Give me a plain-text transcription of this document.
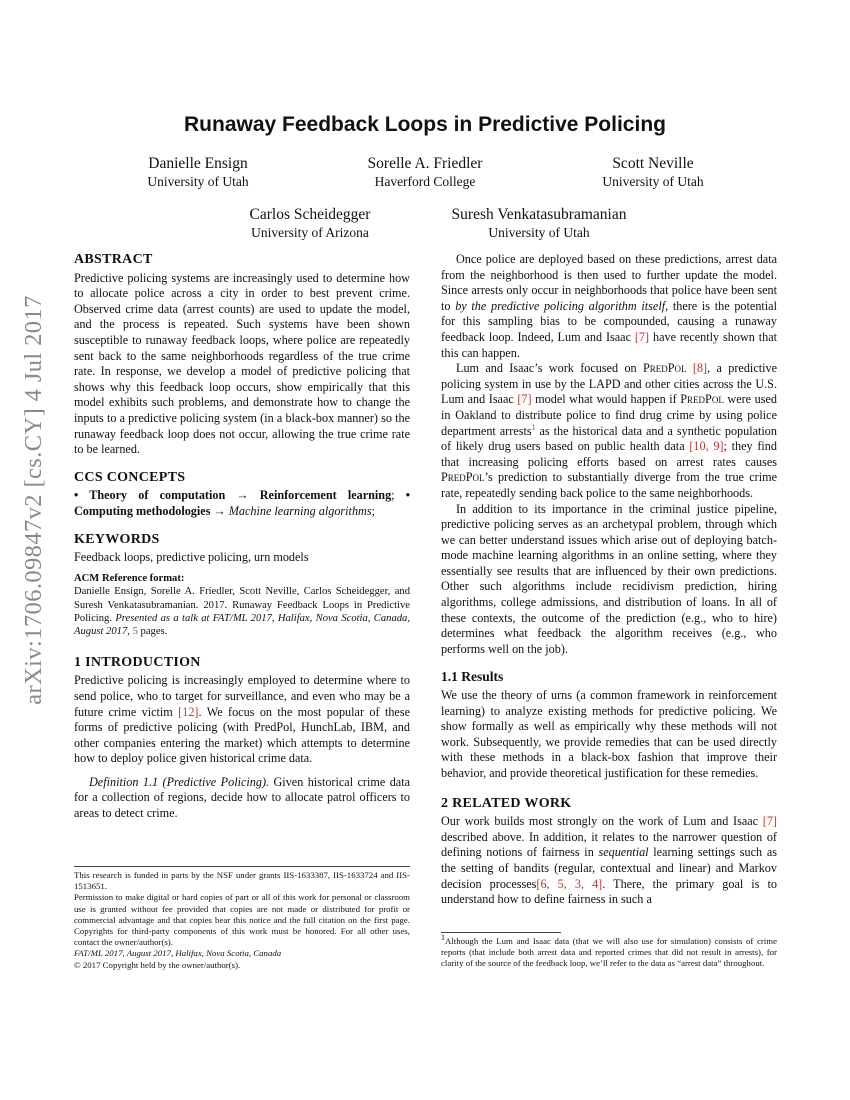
arXiv:1706.09847v2 [cs.CY] 4 Jul 2017
Runaway Feedback Loops in Predictive Policing
Danielle Ensign
University of Utah
Sorelle A. Friedler
Haverford College
Scott Neville
University of Utah
Carlos Scheidegger
University of Arizona
Suresh Venkatasubramanian
University of Utah
ABSTRACT

Predictive policing systems are increasingly used to determine how to allocate police across a city in order to best prevent crime. Observed crime data (arrest counts) are used to update the model, and the process is repeated. Such systems have been shown susceptible to runaway feedback loops, where police are repeatedly sent back to the same neighborhoods regardless of the true crime rate. In response, we develop a model of predictive policing that shows why this feedback loop occurs, show empirically that this model exhibits such problems, and demonstrate how to change the inputs to a predictive policing system (in a black-box manner) so the runaway feedback loop does not occur, allowing the true crime rate to be learned.

CCS CONCEPTS

• Theory of computation → Reinforcement learning; • Computing methodologies → Machine learning algorithms;

KEYWORDS

Feedback loops, predictive policing, urn models

ACM Reference format:
Danielle Ensign, Sorelle A. Friedler, Scott Neville, Carlos Scheidegger, and Suresh Venkatasubramanian. 2017. Runaway Feedback Loops in Predictive Policing. Presented as a talk at FAT/ML 2017, Halifax, Nova Scotia, Canada, August 2017, 5 pages.
1 INTRODUCTION

Predictive policing is increasingly employed to determine where to send police, who to target for surveillance, and even who may be a future crime victim [12]. We focus on the most popular of these forms of predictive policing (with PredPol, HunchLab, IBM, and other companies entering the market) which attempts to determine how to deploy police given historical crime data.

Definition 1.1 (Predictive Policing). Given historical crime data for a collection of regions, decide how to allocate patrol officers to areas to detect crime.

This research is funded in parts by the NSF under grants IIS-1633387, IIS-1633724 and IIS-1513651.
Permission to make digital or hard copies of part or all of this work for personal or classroom use is granted without fee provided that copies are not made or distributed for profit or commercial advantage and that copies bear this notice and the full citation on the first page. Copyrights for third-party components of this work must be honored. For all other uses, contact the owner/author(s).
FAT/ML 2017, August 2017, Halifax, Nova Scotia, Canada
© 2017 Copyright held by the owner/author(s).

Once police are deployed based on these predictions, arrest data from the neighborhood is then used to further update the model. Since arrests only occur in neighborhoods that police have been sent to by the predictive policing algorithm itself, there is the potential for this sampling bias to be compounded, causing a runaway feedback loop. Indeed, Lum and Isaac [7] have recently shown that this can happen.

Lum and Isaac’s work focused on PredPol [8], a predictive policing system in use by the LAPD and other cities across the U.S. Lum and Isaac [7] model what would happen if PredPol were used in Oakland to distribute police to find drug crime by using police department arrests$^1$ as the historical data and a synthetic population of likely drug users based on public health data [10, 9]; they find that increasing policing efforts based on arrest rates causes PredPol’s prediction to substantially diverge from the true crime rate, repeatedly sending back police to the same neighborhoods.

In addition to its importance in the criminal justice pipeline, predictive policing serves as an archetypal problem, through which we can better understand issues which arise out of deploying batch-mode machine learning algorithms in an online setting, where they essentially see results that are influenced by their own predictions. Other such algorithms include recidivism prediction, hiring algorithms, college admissions, and distribution of loans. In all of these contexts, the outcome of the prediction (e.g., who to hire) determines what feedback the algorithm receives (e.g., who performs well on the job).

1.1 Results

We use the theory of urns (a common framework in reinforcement learning) to analyze existing methods for predictive policing. We show formally as well as empirically why these methods will not work. Subsequently, we provide remedies that can be used directly with these methods in a black-box fashion that improve their behavior, and provide theoretical justification for these remedies.

2 RELATED WORK

Our work builds most strongly on the work of Lum and Isaac [7] described above. In addition, it relates to the narrower question of defining notions of fairness in sequential learning settings such as the setting of bandits (regular, contextual and linear) and Markov decision processes[6, 5, 3, 4]. There, the primary goal is to understand how to define fairness in such a

$^1$Although the Lum and Isaac data (that we will also use for simulation) consists of crime reports (that include both arrest data and reported crimes that did not result in arrests), for clarity of the source of the feedback loop, we’ll refer to the data as “arrest data” throughout.
